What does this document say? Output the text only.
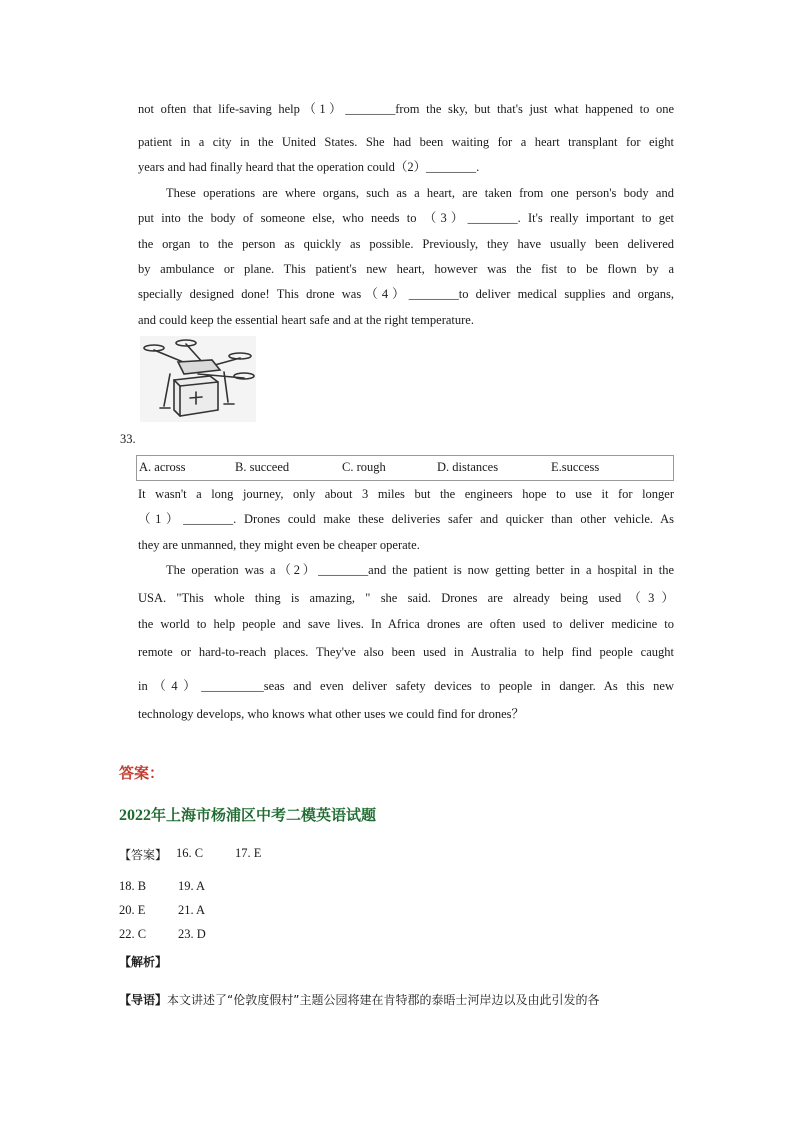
not often that life-saving help（1）________from the sky, but that's just what happened to one
patient in a city in the United States. She had been waiting for a heart transplant for eight
years and had finally heard that the operation could（2）________.
These operations are where organs, such as a heart, are taken from one person's body and
put into the body of someone else, who needs to （3）________. It's really important to get
the organ to the person as quickly as possible. Previously, they have usually been delivered
by ambulance or plane. This patient's new heart, however was the fist to be flown by a
specially designed done! This drone was（4）________to deliver medical supplies and organs,
and could keep the essential heart safe and at the right temperature.
33.
A. across	B. succeed	C. rough	D. distances	E.success
It wasn't a long journey, only about 3 miles but the engineers hope to use it for longer
（1）________. Drones could make these deliveries safer and quicker than other vehicle. As
they are unmanned, they might even be cheaper operate.
The operation was a（2）________and the patient is now getting better in a hospital in the
USA. "This whole thing is amazing, " she said. Drones are already being used（3）
the world to help people and save lives. In Africa drones are often used to deliver medicine to
remote or hard-to-reach places. They've also been used in Australia to help find people caught
in（4）__________seas and even deliver safety devices to people in danger. As this new
technology develops, who knows what other uses we could find for drones？
答案：
2022年上海市杨浦区中考二模英语试题
【答案】 16. C	17. E
18. B	19. A
20. E	21. A
22. C	23. D
【解析】
【导语】本文讲述了“伦敦度假村”主题公园将建在肯特郡的泰晤士河岸边以及由此引发的各
